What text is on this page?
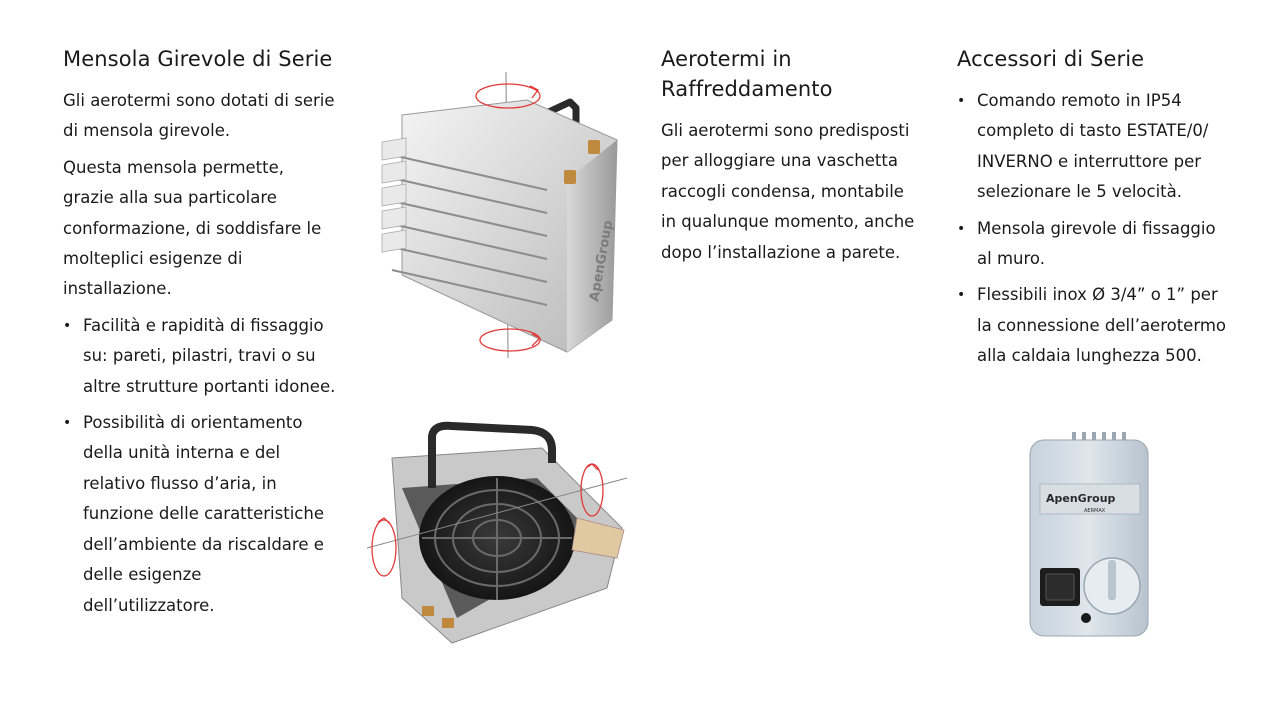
Mensola Girevole di Serie

Gli aerotermi sono dotati di serie di mensola girevole.

Questa mensola permette, grazie alla sua particolare conformazione, di soddisfare le molteplici esigenze di installazione.

• Facilità e rapidità di fissaggio su: pareti, pilastri, travi o su altre strutture portanti idonee.
• Possibilità di orientamento della unità interna e del relativo flusso d’aria, in funzione delle caratteristiche dell’ambiente da riscaldare e delle esigenze dell’utilizzatore.
ApenGroup
Aerotermi in Raffreddamento

Gli aerotermi sono predisposti per alloggiare una vaschetta raccogli condensa, montabile in qualunque momento, anche dopo l’installazione a parete.

Accessori di Serie
• Comando remoto in IP54 completo di tasto ESTATE/0/ INVERNO e interruttore per selezionare le 5 velocità.
• Mensola girevole di fissaggio al muro.
• Flessibili inox Ø 3/4” o 1” per la connessione dell’aerotermo alla caldaia lunghezza 500.
ApenGroup
AERMAX
